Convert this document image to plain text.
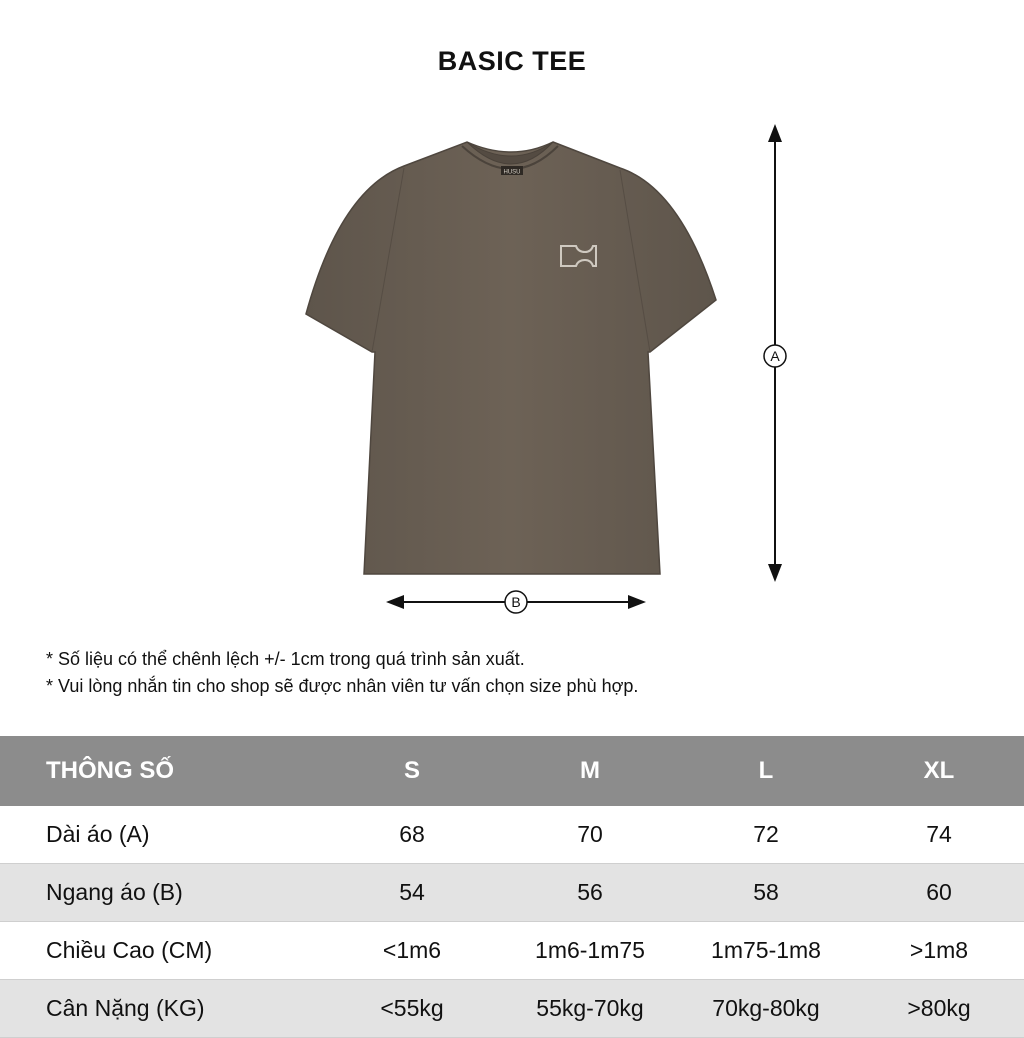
BASIC TEE
HUSU
A
B
* Số liệu có thể chênh lệch +/- 1cm trong quá trình sản xuất.
* Vui lòng nhắn tin cho shop sẽ được nhân viên tư vấn chọn size phù hợp.
THÔNG SỐ	S	M	L	XL
Dài áo (A)	68	70	72	74
Ngang áo (B)	54	56	58	60
Chiều Cao (CM)	<1m6	1m6-1m75	1m75-1m8	>1m8
Cân Nặng (KG)	<55kg	55kg-70kg	70kg-80kg	>80kg
